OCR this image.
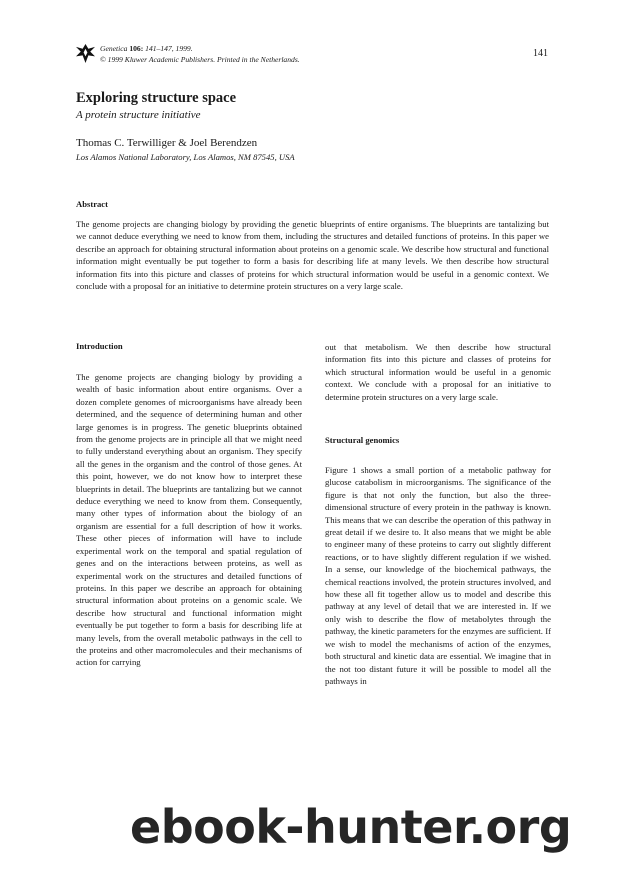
Genetica 106: 141–147, 1999.
© 1999 Kluwer Academic Publishers. Printed in the Netherlands.
141
Exploring structure space
A protein structure initiative
Thomas C. Terwilliger & Joel Berendzen
Los Alamos National Laboratory, Los Alamos, NM 87545, USA
Abstract

The genome projects are changing biology by providing the genetic blueprints of entire organisms. The blueprints are tantalizing but we cannot deduce everything we need to know from them, including the structures and detailed functions of proteins. In this paper we describe an approach for obtaining structural information about proteins on a genomic scale. We describe how structural and functional information might eventually be put together to form a basis for describing life at many levels. We then describe how structural information fits into this picture and classes of proteins for which structural information would be useful in a genomic context. We conclude with a proposal for an initiative to determine protein structures on a very large scale.

Introduction

The genome projects are changing biology by providing a wealth of basic information about entire organisms. Over a dozen complete genomes of microorganisms have already been determined, and the sequence of determining human and other large genomes is in progress. The genetic blueprints obtained from the genome projects are in principle all that we might need to fully understand everything about an organism. They specify all the genes in the organism and the control of those genes. At this point, however, we do not know how to interpret these blueprints in detail. The blueprints are tantalizing but we cannot deduce everything we need to know from them. Consequently, many other types of information about the biology of an organism are essential for a full description of how it works. These other pieces of information will have to include experimental work on the temporal and spatial regulation of genes and on the interactions between proteins, as well as experimental work on the structures and detailed functions of proteins. In this paper we describe an approach for obtaining structural information about proteins on a genomic scale. We describe how structural and functional information might eventually be put together to form a basis for describing life at many levels, from the overall metabolic pathways in the cell to the proteins and other macromolecules and their mechanisms of action for carrying

out that metabolism. We then describe how structural information fits into this picture and classes of proteins for which structural information would be useful in a genomic context. We conclude with a proposal for an initiative to determine protein structures on a very large scale.

Structural genomics

Figure 1 shows a small portion of a metabolic pathway for glucose catabolism in microorganisms. The significance of the figure is that not only the function, but also the three-dimensional structure of every protein in the pathway is known. This means that we can describe the operation of this pathway in great detail if we desire to. It also means that we might be able to engineer many of these proteins to carry out slightly different reactions, or to have slightly different regulation if we wished. In a sense, our knowledge of the biochemical pathways, the chemical reactions involved, the protein structures involved, and how these all fit together allow us to model and describe this pathway at any level of detail that we are interested in. If we only wish to describe the flow of metabolytes through the pathway, the kinetic parameters for the enzymes are sufficient. If we wish to model the mechanisms of action of the enzymes, both structural and kinetic data are essential. We imagine that in the not too distant future it will be possible to model all the pathways in

ebook-hunter.org
